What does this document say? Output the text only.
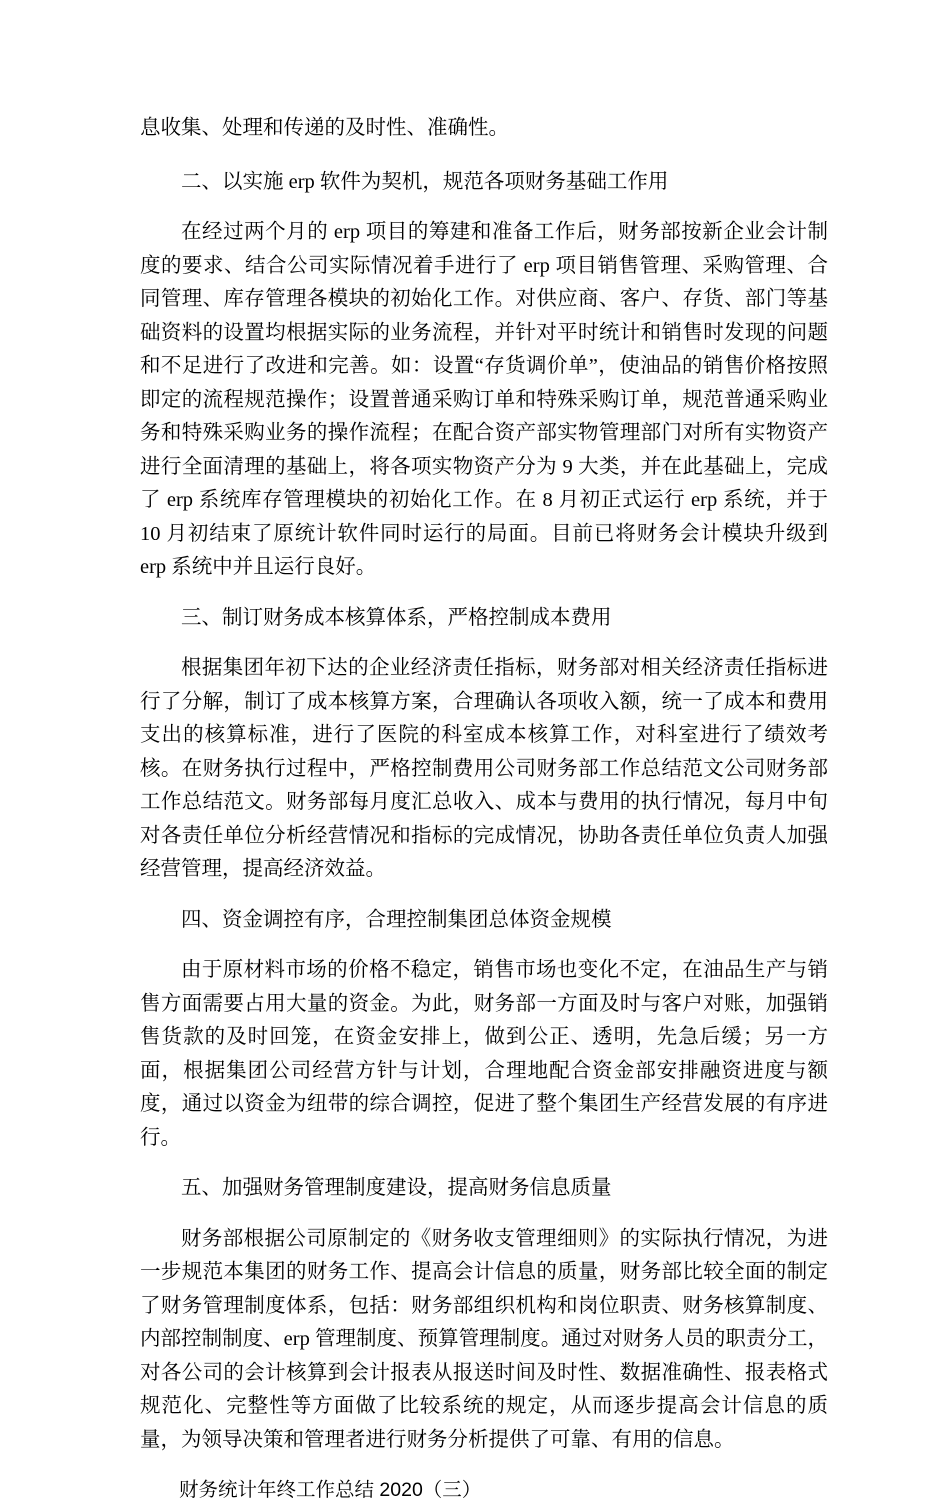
息收集、处理和传递的及时性、准确性。

二、以实施 erp 软件为契机，规范各项财务基础工作用

在经过两个月的 erp 项目的筹建和准备工作后，财务部按新企业会计制度的要求、结合公司实际情况着手进行了 erp 项目销售管理、采购管理、合同管理、库存管理各模块的初始化工作。对供应商、客户、存货、部门等基础资料的设置均根据实际的业务流程，并针对平时统计和销售时发现的问题和不足进行了改进和完善。如：设置“存货调价单”，使油品的销售价格按照即定的流程规范操作；设置普通采购订单和特殊采购订单，规范普通采购业务和特殊采购业务的操作流程；在配合资产部实物管理部门对所有实物资产进行全面清理的基础上，将各项实物资产分为 9 大类，并在此基础上，完成了 erp 系统库存管理模块的初始化工作。在 8 月初正式运行 erp 系统，并于 10 月初结束了原统计软件同时运行的局面。目前已将财务会计模块升级到 erp 系统中并且运行良好。

三、制订财务成本核算体系，严格控制成本费用

根据集团年初下达的企业经济责任指标，财务部对相关经济责任指标进行了分解，制订了成本核算方案，合理确认各项收入额，统一了成本和费用支出的核算标准，进行了医院的科室成本核算工作，对科室进行了绩效考核。在财务执行过程中，严格控制费用公司财务部工作总结范文公司财务部工作总结范文。财务部每月度汇总收入、成本与费用的执行情况，每月中旬对各责任单位分析经营情况和指标的完成情况，协助各责任单位负责人加强经营管理，提高经济效益。

四、资金调控有序，合理控制集团总体资金规模

由于原材料市场的价格不稳定，销售市场也变化不定，在油品生产与销售方面需要占用大量的资金。为此，财务部一方面及时与客户对账，加强销售货款的及时回笼，在资金安排上，做到公正、透明，先急后缓；另一方面，根据集团公司经营方针与计划，合理地配合资金部安排融资进度与额度，通过以资金为纽带的综合调控，促进了整个集团生产经营发展的有序进行。

五、加强财务管理制度建设，提高财务信息质量

财务部根据公司原制定的《财务收支管理细则》的实际执行情况，为进一步规范本集团的财务工作、提高会计信息的质量，财务部比较全面的制定了财务管理制度体系，包括：财务部组织机构和岗位职责、财务核算制度、内部控制制度、erp 管理制度、预算管理制度。通过对财务人员的职责分工，对各公司的会计核算到会计报表从报送时间及时性、数据准确性、报表格式规范化、完整性等方面做了比较系统的规定，从而逐步提高会计信息的质量，为领导决策和管理者进行财务分析提供了可靠、有用的信息。

财务统计年终工作总结 2020（三）
